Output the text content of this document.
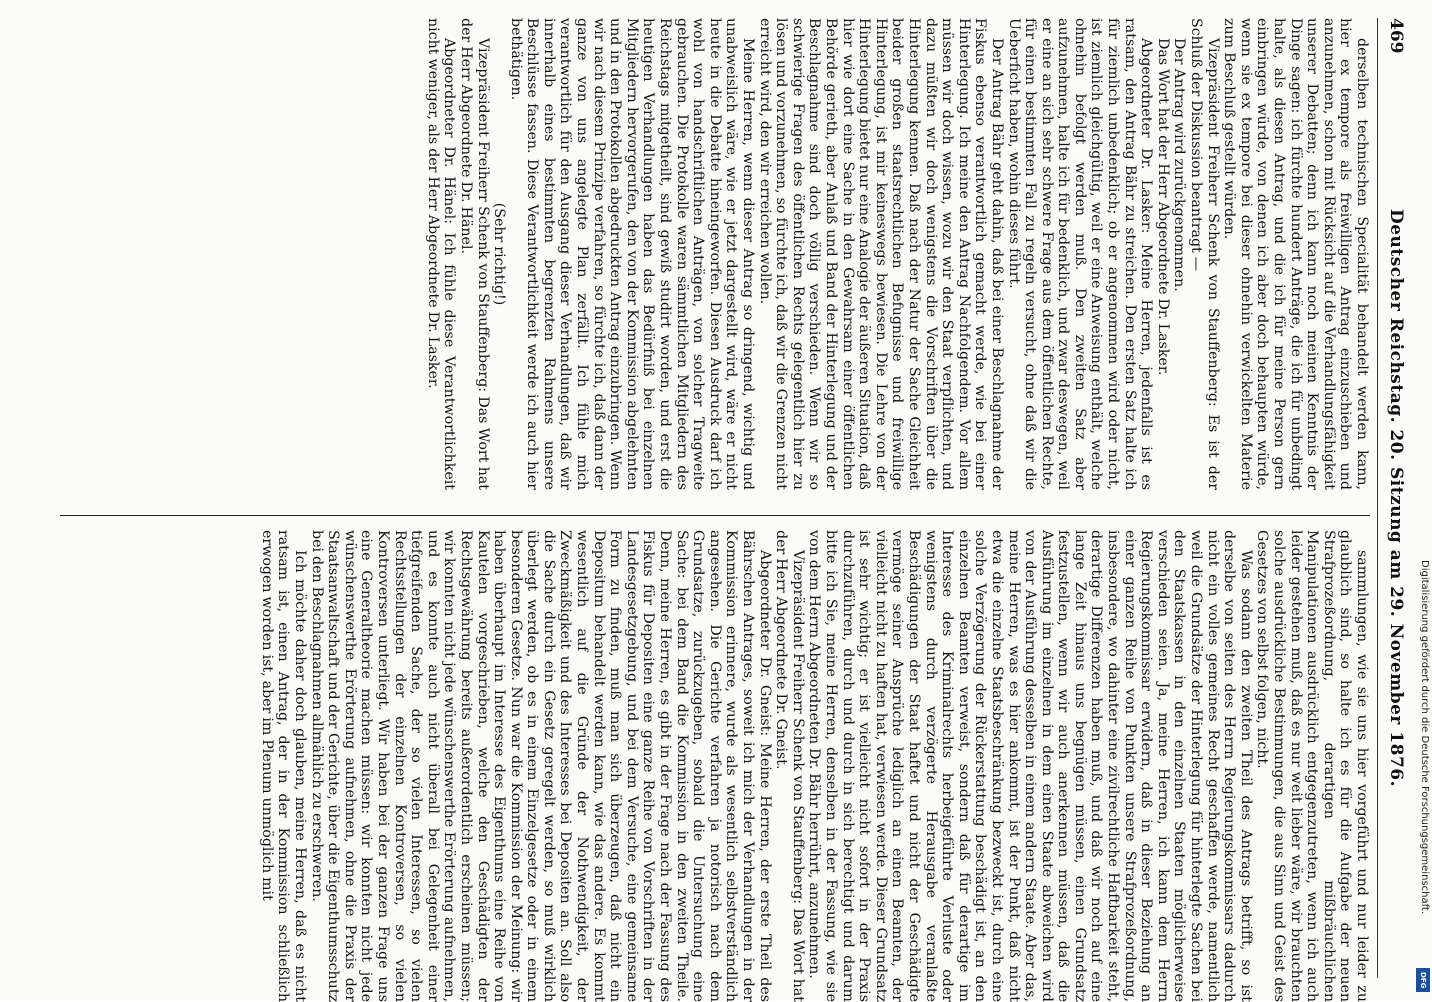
469
Deutscher Reichstag. 20. Sitzung am 29. November 1876.

derselben technischen Specialität behandelt werden kann, hier ex tempore als freiwilligen Antrag einzuschieben und anzunehmen, schon mit Rücksicht auf die Verhandlungsfähigkeit unserer Debatten; denn ich kann noch meinen Kenntnis der Dinge sagen: ich fürchte hundert Anträge, die ich für unbedingt halte, als diesen Antrag, und die ich für meine Person gern einbringen würde, von denen ich aber doch behaupten würde, wenn sie ex tempore bei dieser ohnehin verwickelten Materie zum Beschluß gestellt würden.

Vizepräsident Freiherr Schenk von Stauffenberg: Es ist der Schluß der Diskussion beantragt —

Der Antrag wird zurückgenommen.

Das Wort hat der Herr Abgeordnete Dr. Lasker.

Abgeordneter Dr. Lasker: Meine Herren, jedenfalls ist es ratsam, den Antrag Bähr zu streichen. Den ersten Satz halte ich für ziemlich unbedenklich; ob er angenommen wird oder nicht, ist ziemlich gleichgültig, weil er eine Anweisung enthält, welche ohnehin befolgt werden muß. Den zweiten Satz aber aufzunehmen, halte ich für bedenklich, und zwar deswegen, weil er eine an sich sehr schwere Frage aus dem öffentlichen Rechte, für einen bestimmten Fall zu regeln versucht, ohne daß wir die Ueberficht haben, wohin dieses führt.

Der Antrag Bähr geht dahin, daß bei einer Beschlagnahme der Fiskus ebenso verantwortlich gemacht werde, wie bei einer Hinterlegung. Ich meine den Antrag Nachfolgendem. Vor allem müssen wir doch wissen, wozu wir den Staat verpflichten, und dazu müßten wir doch wenigstens die Vorschriften über die Hinterlegung kennen. Daß nach der Natur der Sache Gleichheit beider großen staatsrechtlichen Befugnisse und freiwillige Hinterlegung, ist mir keineswegs bewiesen. Die Lehre von der Hinterlegung bietet nur eine Analogie der äußeren Situation, daß hier wie dort eine Sache in den Gewahrsam einer öffentlichen Behörde gerieth, aber Anlaß und Band der Hinterlegung und der Beschlagnahme sind doch völlig verschieden. Wenn wir so schwierige Fragen des öffentlichen Rechts gelegentlich hier zu lösen und vorzunehmen, so fürchte ich, daß wir die Grenzen nicht erreicht wird, den wir erreichen wollen.

Meine Herren, wenn dieser Antrag so dringend, wichtig und unabweislich wäre, wie er jetzt dargestellt wird, wäre er nicht heute in die Debatte hineingeworfen. Diesen Ausdruck darf ich wohl von handschriftlichen Anträgen, von solcher Tragweite gebrauchen. Die Protokolle waren sämmtlichen Mitgliedern des Reichstags mitgetheilt, sind gewiß studirt worden, und erst die heutigen Verhandlungen haben das Bedürfniß bei einzelnen Mitgliedern hervorgerufen, den von der Kommission abgelehnten und in den Protokollen abgedruckten Antrag einzubringen. Wenn wir nach diesem Prinzipe verfahren, so fürchte ich, daß dann der ganze von uns angelegte Plan zerfällt. Ich fühle mich verantwortlich für den Ausgang dieser Verhandlungen, daß wir innerhalb eines bestimmten begrenzten Rahmens unsere Beschlüsse fassen. Diese Verantwortlichkeit werde ich auch hier bethätigen.

(Sehr richtig!)

Vizepräsident Freiherr Schenk von Stauffenberg: Das Wort hat der Herr Abgeordnete Dr. Hänel.

Abgeordneter Dr. Hänel: Ich fühle diese Verantwortlichkeit nicht weniger, als der Herr Abgeordnete Dr. Lasker.

sammlungen, wie sie uns hier vorgeführt und nur leider zu glaublich sind, so halte ich es für die Aufgabe der neuen Strafprozeßordnung, derartigen mißbräuchlichen Manipulationen ausdrücklich entgegenzutreten, wenn ich auch leider gestehen muß, daß es nur weit lieber wäre, wir brauchten solche ausdrückliche Bestimmungen, die aus Sinn und Geist des Gesetzes von selbst folgen, nicht.

Was sodann den zweiten Theil des Antrags betrifft, so ist derselbe von seiten des Herrn Regierungskommissars dadurch nicht ein volles gemeines Recht geschaffen werde, namentlich weil die Grundsätze der Hinterlegung für hinterlegte Sachen bei den Staatskassen in den einzelnen Staaten möglicherweise verschieden seien. Ja, meine Herren, ich kann dem Herrn Regierungskommissar erwidern, daß in dieser Beziehung an einer ganzen Reihe von Punkten unsere Strafprozeßordnung, insbesondere, wo dahinter eine zivilrechtliche Haftbarkeit steht, derartige Differenzen haben muß, und daß wir noch auf eine lange Zeit hinaus uns begnügen müssen, einen Grundsatz festzustellen, wenn wir auch anerkennen müssen, daß die Ausführung im einzelnen in dem einen Staate abweichen wird von der Ausführung desselben in einem andern Staate. Aber das, meine Herren, was es hier ankommt, ist der Punkt, daß nicht etwa die einzelne Staatsbeschränkung bezweckt ist, durch eine solche Verzögerung der Rückerstattung beschädigt ist, an den einzelnen Beamten verweist, sondern daß für derartige im Interesse des Kriminalrechts herbeigeführte Verluste oder wenigstens durch verzögerte Herausgabe veranlaßte Beschädigungen der Staat haftet und nicht der Geschädigte vermöge seiner Ansprüche lediglich an einen Beamten, der vielleicht nicht zu haften hat, verwiesen werde. Dieser Grundsatz ist sehr wichtig; er ist vielleicht nicht sofort in der Praxis durchzuführen, durch und durch in sich berechtigt und darum bitte ich Sie, meine Herren, denselben in der Fassung, wie sie von dem Herrn Abgeordneten Dr. Bähr herrührt, anzunehmen.

Vizepräsident Freiherr Schenk von Stauffenberg: Das Wort hat der Herr Abgeordnete Dr. Gneist.

Abgeordneter Dr. Gneist: Meine Herren, der erste Theil des Bährschen Antrages, soweit ich mich der Verhandlungen in der Kommission erinnere, wurde als wesentlich selbstverständlich angesehen. Die Gerichte verfahren ja notorisch nach dem Grundsatze, zurückzugeben, sobald die Untersuchung eine Sache: bei dem Band die Kommission in den zweiten Theile. Denn, meine Herren, es gibt in der Frage nach der Fassung des Fiskus für Depositen eine ganze Reihe von Vorschriften in der Landesgesetzgebung, und bei dem Versuche, eine gemeinsame Form zu finden, muß man sich überzeugen, daß nicht ein Depositum behandelt werden kann, wie das andere. Es kommt wesentlich auf die Gründe der Nothwendigkeit, der Zweckmäßigkeit und des Interesses bei Depositen an. Soll also die Sache durch ein Gesetz geregelt werden, so muß wirklich überlegt werden, ob es in einem Einzelgesetze oder in einem besonderen Gesetze. Nun war die Kommission der Meinung: wir haben überhaupt im Interesse des Eigenthums eine Reihe von Kautelen vorgeschrieben, welche den Geschädigten der Rechtsgewährung bereits außerordentlich erscheinen müssen; wir konnten nicht jede wünschenswerthe Erörterung aufnehmen, und es konnte auch nicht überall bei Gelegenheit einer tiefgreifenden Sache, der so vielen Interessen, so vielen Rechtsstellungen der einzelnen Kontroversen, so vielen Kontroversen unterliegt. Wir haben bei der ganzen Frage uns eine Generaltheorie machen müssen: wir konnten nicht jede wünschenswerthe Erörterung aufnehmen, ohne die Praxis der Staatsanwaltschaft und der Gerichte, über die Eigenthumsschutz bei den Beschlagnahmen allmählich zu erschweren.

Ich möchte daher doch glauben, meine Herren, daß es nicht ratsam ist, einen Antrag, der in der Kommission schließlich erwogen worden ist, aber im Plenum unmöglich mit	Digitalisierung gefördert durch die Deutsche Forschungsgemeinschaft.
DFG
